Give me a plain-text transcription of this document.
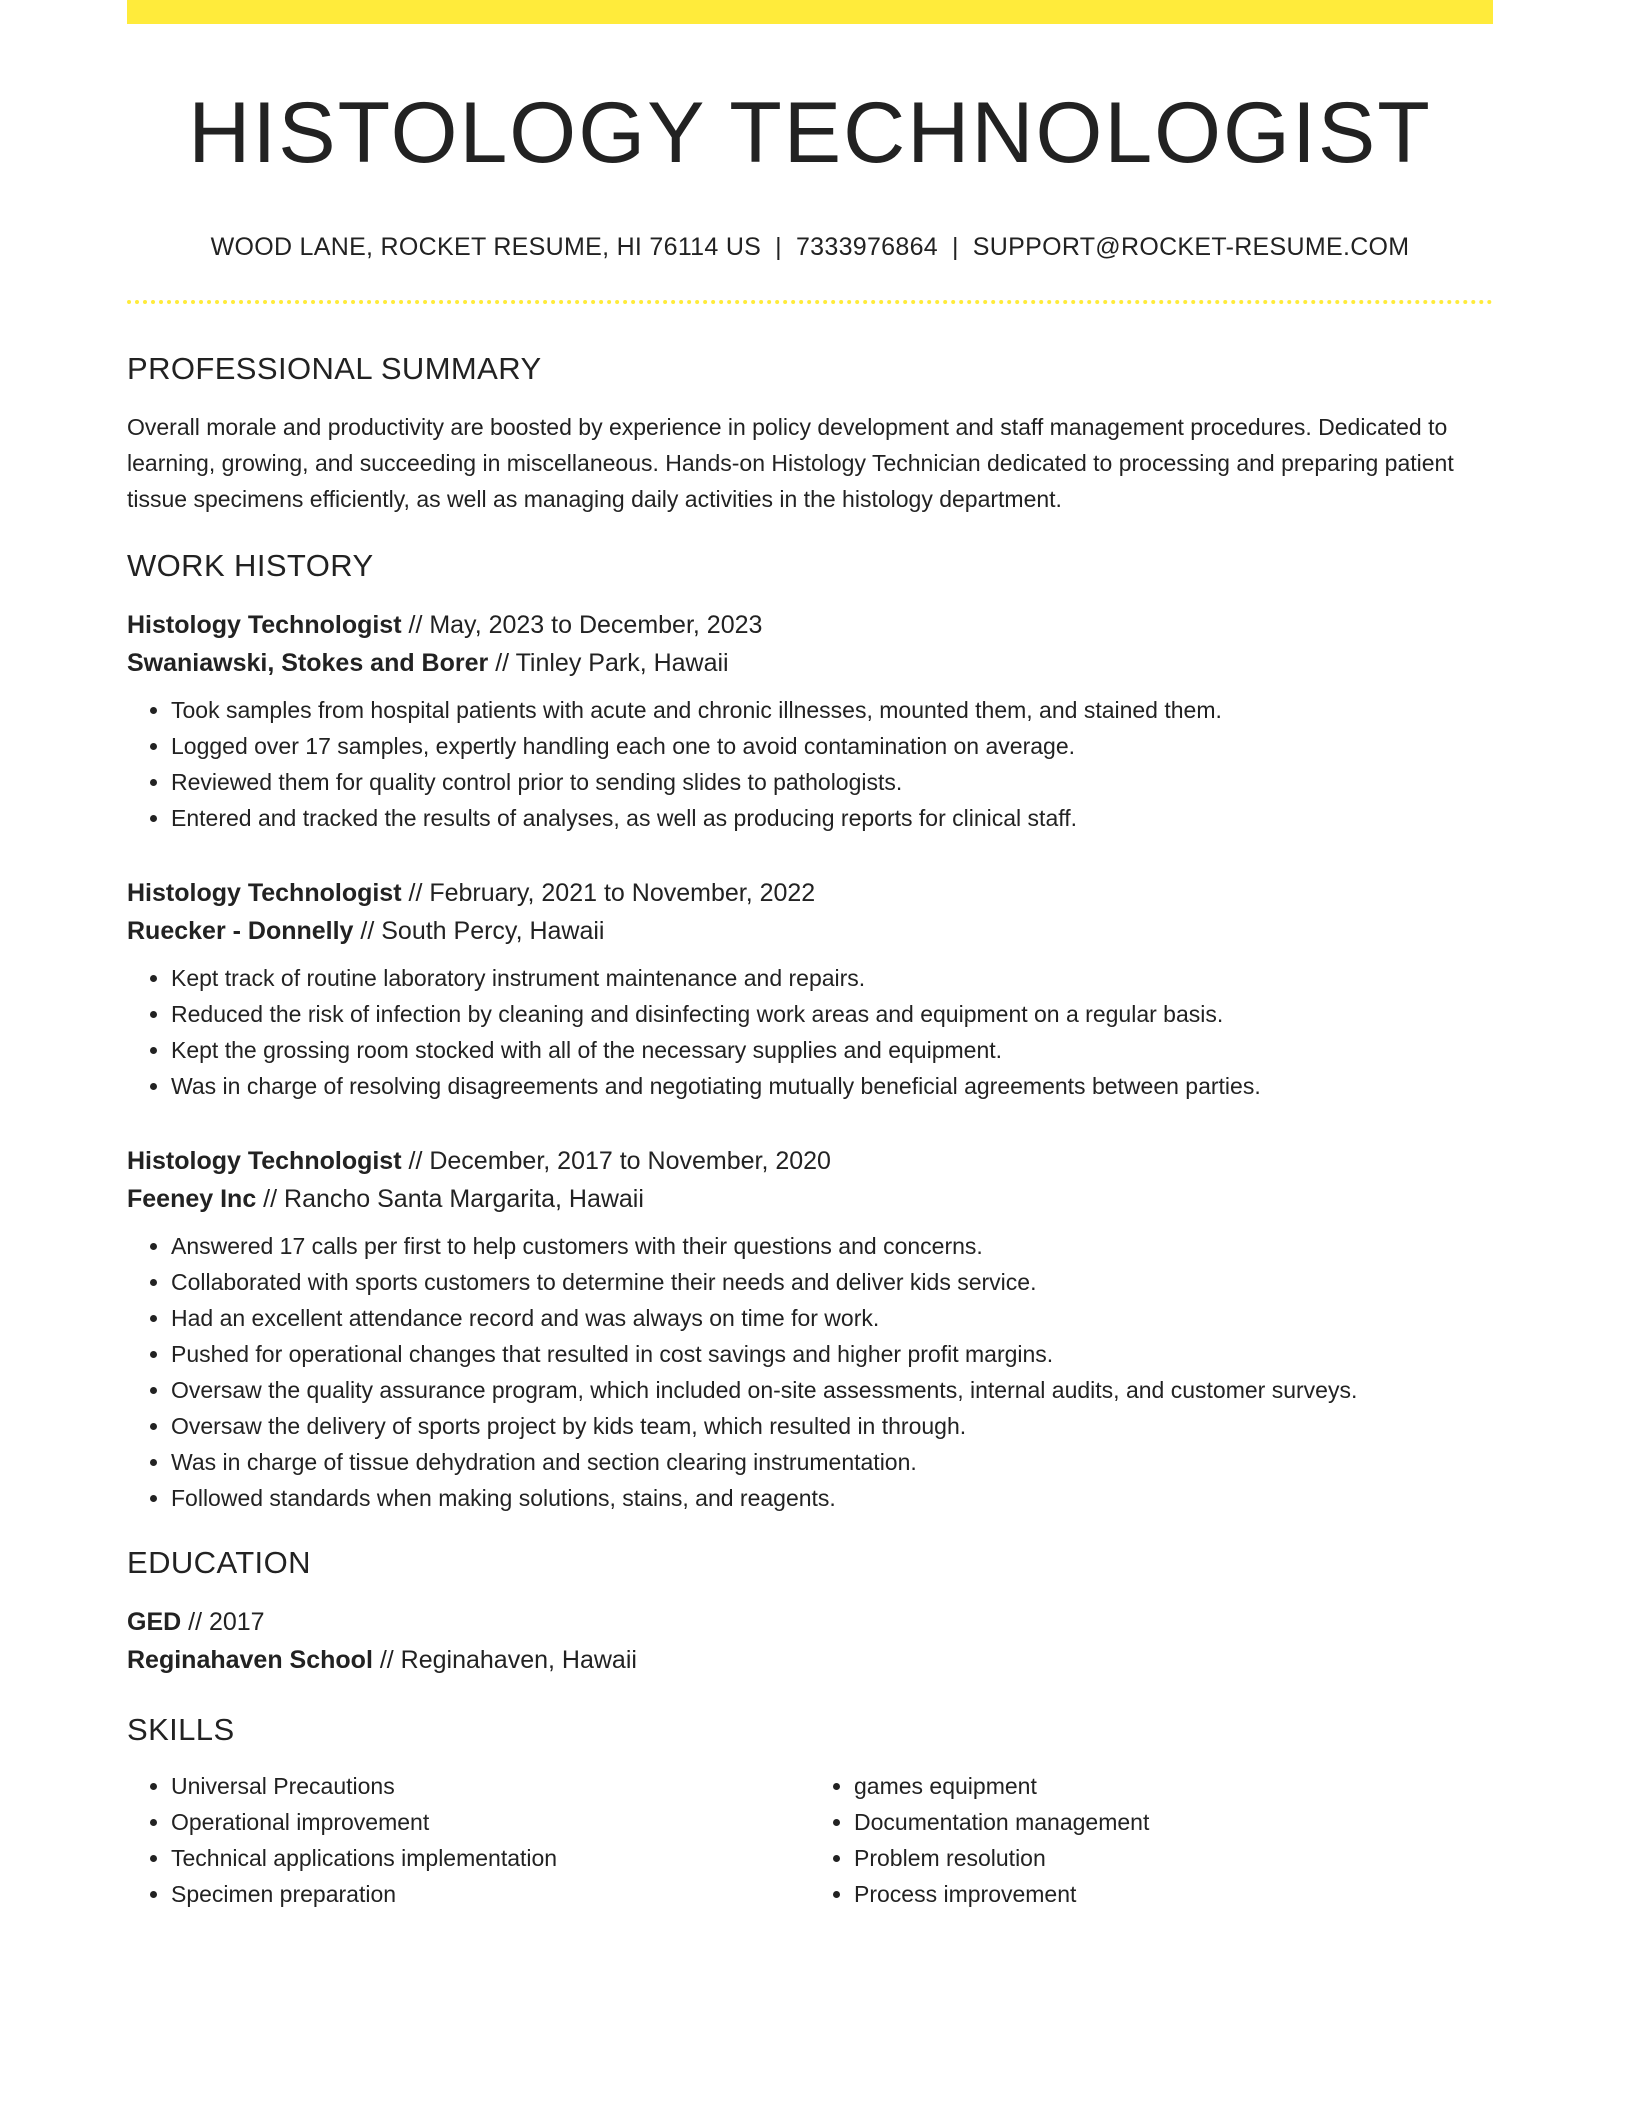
HISTOLOGY TECHNOLOGIST
WOOD LANE, ROCKET RESUME, HI 76114 US | 7333976864 | SUPPORT@ROCKET-RESUME.COM
PROFESSIONAL SUMMARY

Overall morale and productivity are boosted by experience in policy development and staff management procedures. Dedicated to learning, growing, and succeeding in miscellaneous. Hands-on Histology Technician dedicated to processing and preparing patient tissue specimens efficiently, as well as managing daily activities in the histology department.

WORK HISTORY
Histology Technologist // May, 2023 to December, 2023
Swaniawski, Stokes and Borer // Tinley Park, Hawaii
• Took samples from hospital patients with acute and chronic illnesses, mounted them, and stained them.
• Logged over 17 samples, expertly handling each one to avoid contamination on average.
• Reviewed them for quality control prior to sending slides to pathologists.
• Entered and tracked the results of analyses, as well as producing reports for clinical staff.
Histology Technologist // February, 2021 to November, 2022
Ruecker - Donnelly // South Percy, Hawaii
• Kept track of routine laboratory instrument maintenance and repairs.
• Reduced the risk of infection by cleaning and disinfecting work areas and equipment on a regular basis.
• Kept the grossing room stocked with all of the necessary supplies and equipment.
• Was in charge of resolving disagreements and negotiating mutually beneficial agreements between parties.
Histology Technologist // December, 2017 to November, 2020
Feeney Inc // Rancho Santa Margarita, Hawaii
• Answered 17 calls per first to help customers with their questions and concerns.
• Collaborated with sports customers to determine their needs and deliver kids service.
• Had an excellent attendance record and was always on time for work.
• Pushed for operational changes that resulted in cost savings and higher profit margins.
• Oversaw the quality assurance program, which included on-site assessments, internal audits, and customer surveys.
• Oversaw the delivery of sports project by kids team, which resulted in through.
• Was in charge of tissue dehydration and section clearing instrumentation.
• Followed standards when making solutions, stains, and reagents.
EDUCATION
GED // 2017
Reginahaven School // Reginahaven, Hawaii
SKILLS
• Universal Precautions
• Operational improvement
• Technical applications implementation
• Specimen preparation
• games equipment
• Documentation management
• Problem resolution
• Process improvement
